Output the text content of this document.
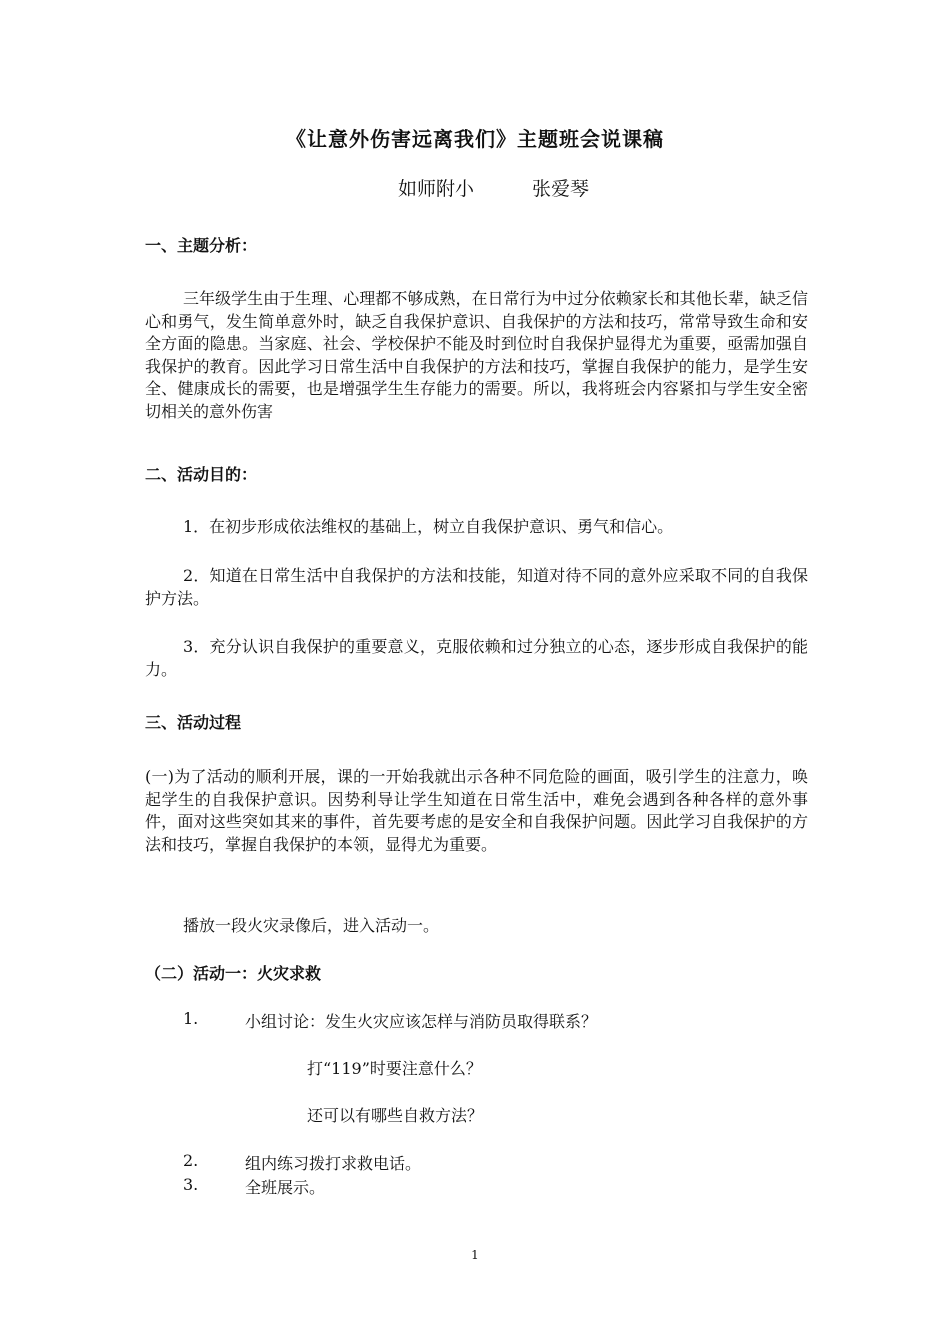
《让意外伤害远离我们》主题班会说课稿
如师附小	张爱琴
一、主题分析：
三年级学生由于生理、心理都不够成熟，在日常行为中过分依赖家长和其他长辈，缺乏信心和勇气，发生简单意外时，缺乏自我保护意识、自我保护的方法和技巧，常常导致生命和安全方面的隐患。当家庭、社会、学校保护不能及时到位时自我保护显得尤为重要，亟需加强自我保护的教育。因此学习日常生活中自我保护的方法和技巧，掌握自我保护的能力，是学生安全、健康成长的需要，也是增强学生生存能力的需要。所以，我将班会内容紧扣与学生安全密切相关的意外伤害
二、活动目的：
1．在初步形成依法维权的基础上，树立自我保护意识、勇气和信心。
2．知道在日常生活中自我保护的方法和技能，知道对待不同的意外应采取不同的自我保护方法。
3．充分认识自我保护的重要意义，克服依赖和过分独立的心态，逐步形成自我保护的能力。
三、活动过程
(一)为了活动的顺利开展，课的一开始我就出示各种不同危险的画面，吸引学生的注意力，唤起学生的自我保护意识。因势利导让学生知道在日常生活中，难免会遇到各种各样的意外事件，面对这些突如其来的事件，首先要考虑的是安全和自我保护问题。因此学习自我保护的方法和技巧，掌握自我保护的本领，显得尤为重要。
播放一段火灾录像后，进入活动一。
（二）活动一：火灾求救
1.	小组讨论：发生火灾应该怎样与消防员取得联系？
打“119”时要注意什么？
还可以有哪些自救方法？
2.	组内练习拨打求救电话。
3.	全班展示。
1
